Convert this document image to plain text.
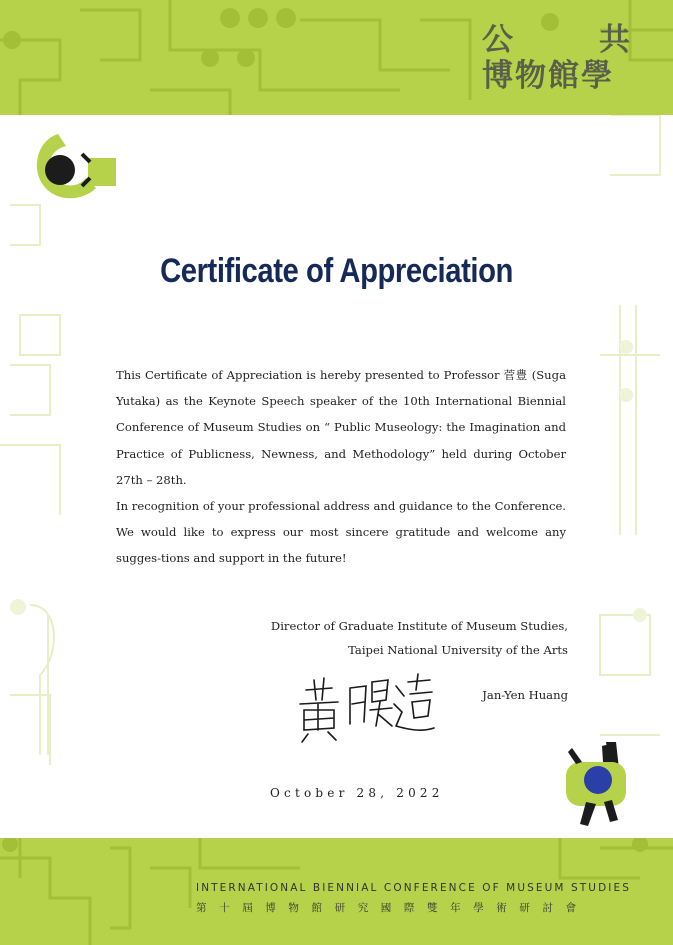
公	共
博物館學
Certificate of Appreciation

This Certificate of Appreciation is hereby presented to Professor 菅豊 (Suga Yutaka) as the Keynote Speech speaker of the 10th International Biennial Conference of Museum Studies on “ Public Museology: the Imagination and Practice of Publicness, Newness, and Methodology” held during October 27th – 28th.

In recognition of your professional address and guidance to the Conference. We would like to express our most sincere gratitude and welcome any sugges-tions and support in the future!

Director of Graduate Institute of Museum Studies,
Taipei National University of the Arts
Jan-Yen Huang
October 28, 2022
INTERNATIONAL BIENNIAL CONFERENCE OF MUSEUM STUDIES
第十屆博物館研究國際雙年學術研討會
